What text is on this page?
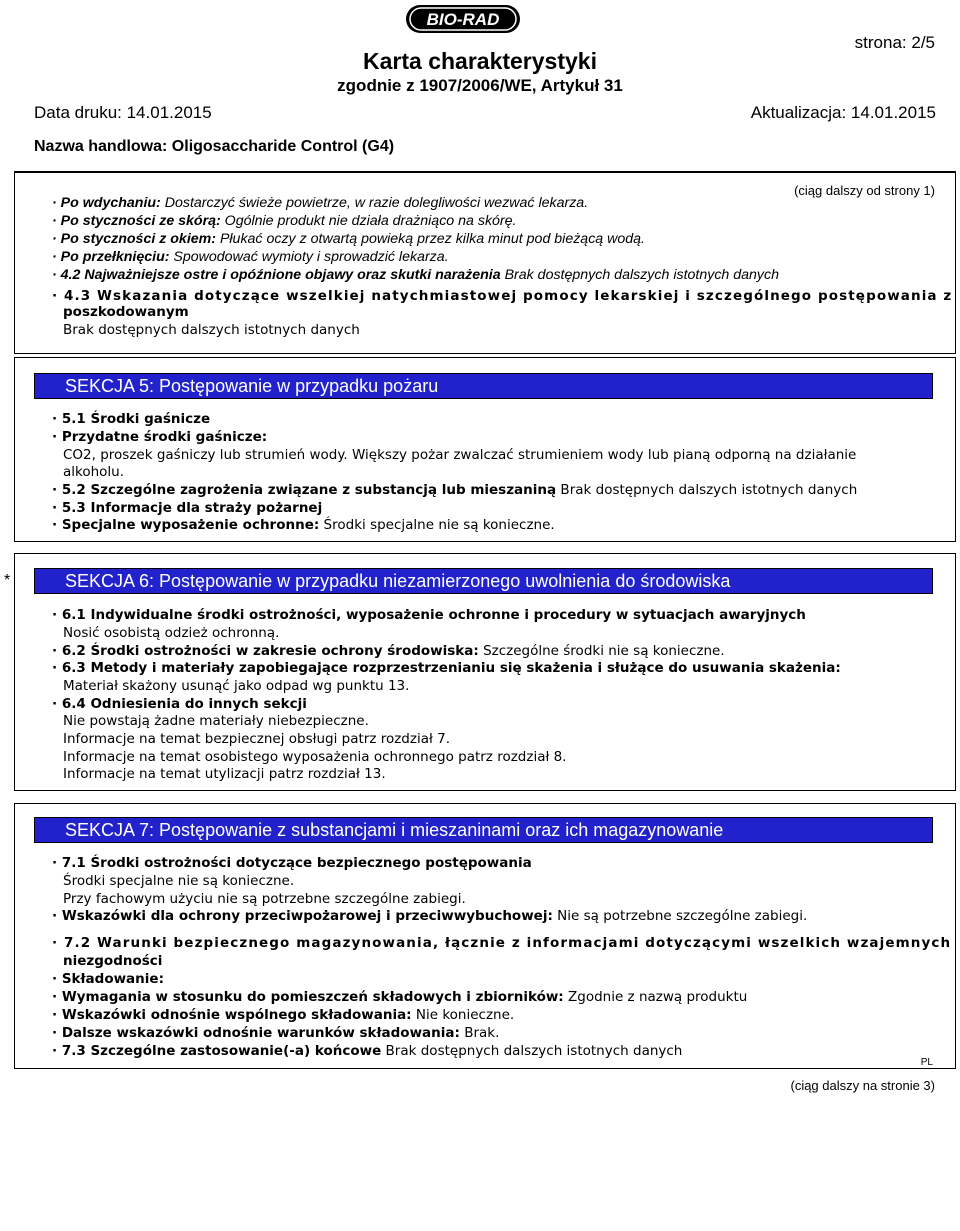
BIO-RAD
strona: 2/5
Karta charakterystyki
zgodnie z 1907/2006/WE, Artykuł 31
Data druku: 14.01.2015	Aktualizacja: 14.01.2015
Nazwa handlowa: Oligosaccharide Control (G4)
(ciąg dalszy od strony 1)
· Po wdychaniu: Dostarczyć świeże powietrze, w razie dolegliwości wezwać lekarza.
· Po styczności ze skórą: Ogólnie produkt nie działa drażniąco na skórę.
· Po styczności z okiem: Płukać oczy z otwartą powieką przez kilka minut pod bieżącą wodą.
· Po przełknięciu: Spowodować wymioty i sprowadzić lekarza.
· 4.2 Najważniejsze ostre i opóźnione objawy oraz skutki narażenia Brak dostępnych dalszych istotnych danych
· 4.3 Wskazania dotyczące wszelkiej natychmiastowej pomocy lekarskiej i szczególnego postępowania z
poszkodowanym
Brak dostępnych dalszych istotnych danych
SEKCJA 5: Postępowanie w przypadku pożaru
· 5.1 Środki gaśnicze
· Przydatne środki gaśnicze:
CO2, proszek gaśniczy lub strumień wody. Większy pożar zwalczać strumieniem wody lub pianą odporną na działanie
alkoholu.
· 5.2 Szczególne zagrożenia związane z substancją lub mieszaniną Brak dostępnych dalszych istotnych danych
· 5.3 Informacje dla straży pożarnej
· Specjalne wyposażenie ochronne: Środki specjalne nie są konieczne.
*	SEKCJA 6: Postępowanie w przypadku niezamierzonego uwolnienia do środowiska
· 6.1 Indywidualne środki ostrożności, wyposażenie ochronne i procedury w sytuacjach awaryjnych
Nosić osobistą odzież ochronną.
· 6.2 Środki ostrożności w zakresie ochrony środowiska: Szczególne środki nie są konieczne.
· 6.3 Metody i materiały zapobiegające rozprzestrzenianiu się skażenia i służące do usuwania skażenia:
Materiał skażony usunąć jako odpad wg punktu 13.
· 6.4 Odniesienia do innych sekcji
Nie powstają żadne materiały niebezpieczne.
Informacje na temat bezpiecznej obsługi patrz rozdział 7.
Informacje na temat osobistego wyposażenia ochronnego patrz rozdział 8.
Informacje na temat utylizacji patrz rozdział 13.
SEKCJA 7: Postępowanie z substancjami i mieszaninami oraz ich magazynowanie
· 7.1 Środki ostrożności dotyczące bezpiecznego postępowania
Środki specjalne nie są konieczne.
Przy fachowym użyciu nie są potrzebne szczególne zabiegi.
· Wskazówki dla ochrony przeciwpożarowej i przeciwwybuchowej: Nie są potrzebne szczególne zabiegi.
· 7.2 Warunki bezpiecznego magazynowania, łącznie z informacjami dotyczącymi wszelkich wzajemnych
niezgodności
· Składowanie:
· Wymagania w stosunku do pomieszczeń składowych i zbiorników: Zgodnie z nazwą produktu
· Wskazówki odnośnie wspólnego składowania: Nie konieczne.
· Dalsze wskazówki odnośnie warunków składowania: Brak.
· 7.3 Szczególne zastosowanie(-a) końcowe Brak dostępnych dalszych istotnych danych
PL
(ciąg dalszy na stronie 3)
